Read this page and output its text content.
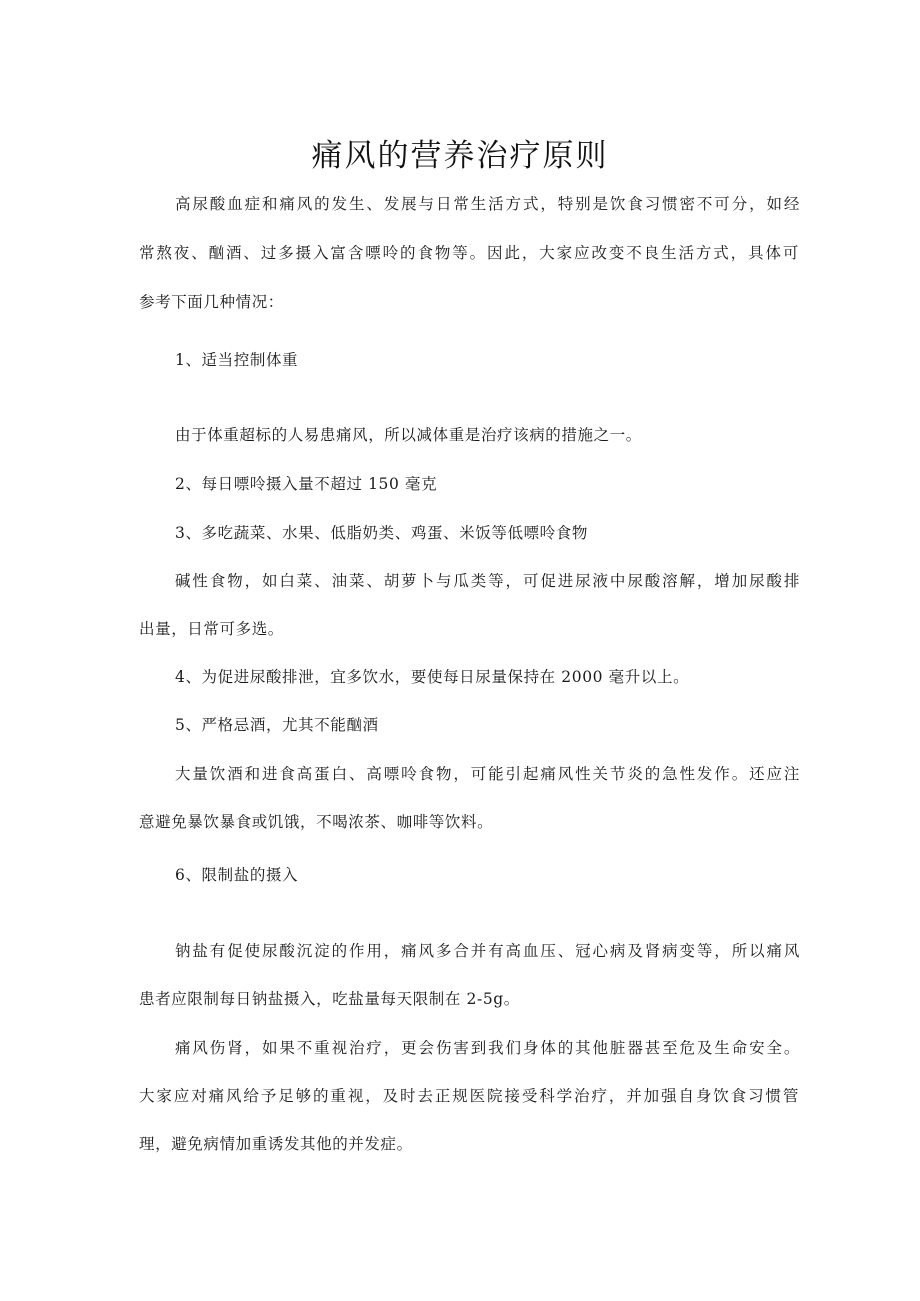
痛风的营养治疗原则
高尿酸血症和痛风的发生、发展与日常生活方式，特别是饮食习惯密不可分，如经
常熬夜、酗酒、过多摄入富含嘌呤的食物等。因此，大家应改变不良生活方式，具体可
参考下面几种情况：
1、适当控制体重
由于体重超标的人易患痛风，所以减体重是治疗该病的措施之一。
2、每日嘌呤摄入量不超过 150 毫克
3、多吃蔬菜、水果、低脂奶类、鸡蛋、米饭等低嘌呤食物
碱性食物，如白菜、油菜、胡萝卜与瓜类等，可促进尿液中尿酸溶解，增加尿酸排
出量，日常可多选。
4、为促进尿酸排泄，宜多饮水，要使每日尿量保持在 2000 毫升以上。
5、严格忌酒，尤其不能酗酒
大量饮酒和进食高蛋白、高嘌呤食物，可能引起痛风性关节炎的急性发作。还应注
意避免暴饮暴食或饥饿，不喝浓茶、咖啡等饮料。
6、限制盐的摄入
钠盐有促使尿酸沉淀的作用，痛风多合并有高血压、冠心病及肾病变等，所以痛风
患者应限制每日钠盐摄入，吃盐量每天限制在 2-5g。
痛风伤肾，如果不重视治疗，更会伤害到我们身体的其他脏器甚至危及生命安全。
大家应对痛风给予足够的重视，及时去正规医院接受科学治疗，并加强自身饮食习惯管
理，避免病情加重诱发其他的并发症。
